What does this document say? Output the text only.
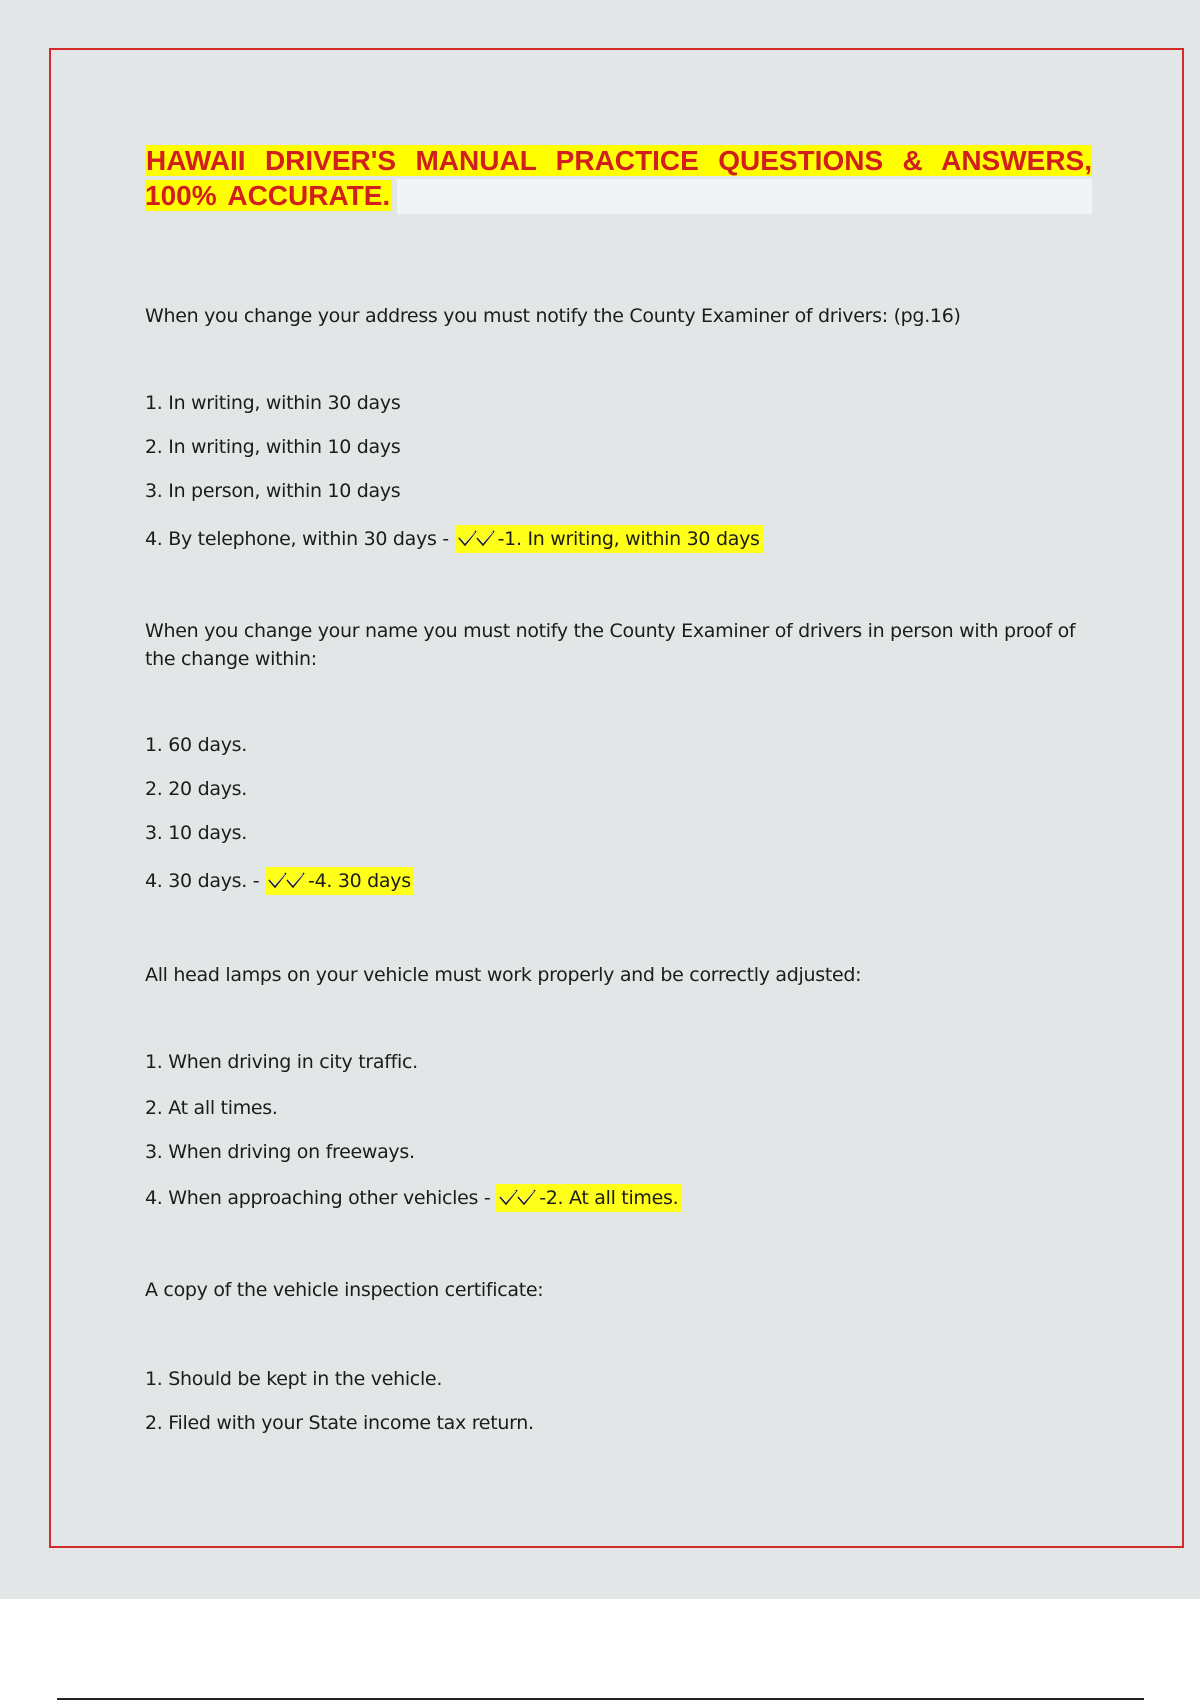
HAWAII DRIVER'S MANUAL PRACTICE QUESTIONS & ANSWERS, 100% ACCURATE.

When you change your address you must notify the County Examiner of drivers: (pg.16)

1. In writing, within 30 days

2. In writing, within 10 days

3. In person, within 10 days

4. By telephone, within 30 days -	-1. In writing, within 30 days

When you change your name you must notify the County Examiner of drivers in person with proof of the change within:

1. 60 days.

2. 20 days.

3. 10 days.

4. 30 days. -	-4. 30 days

All head lamps on your vehicle must work properly and be correctly adjusted:

1. When driving in city traffic.

2. At all times.

3. When driving on freeways.

4. When approaching other vehicles -	-2. At all times.

A copy of the vehicle inspection certificate:

1. Should be kept in the vehicle.

2. Filed with your State income tax return.
